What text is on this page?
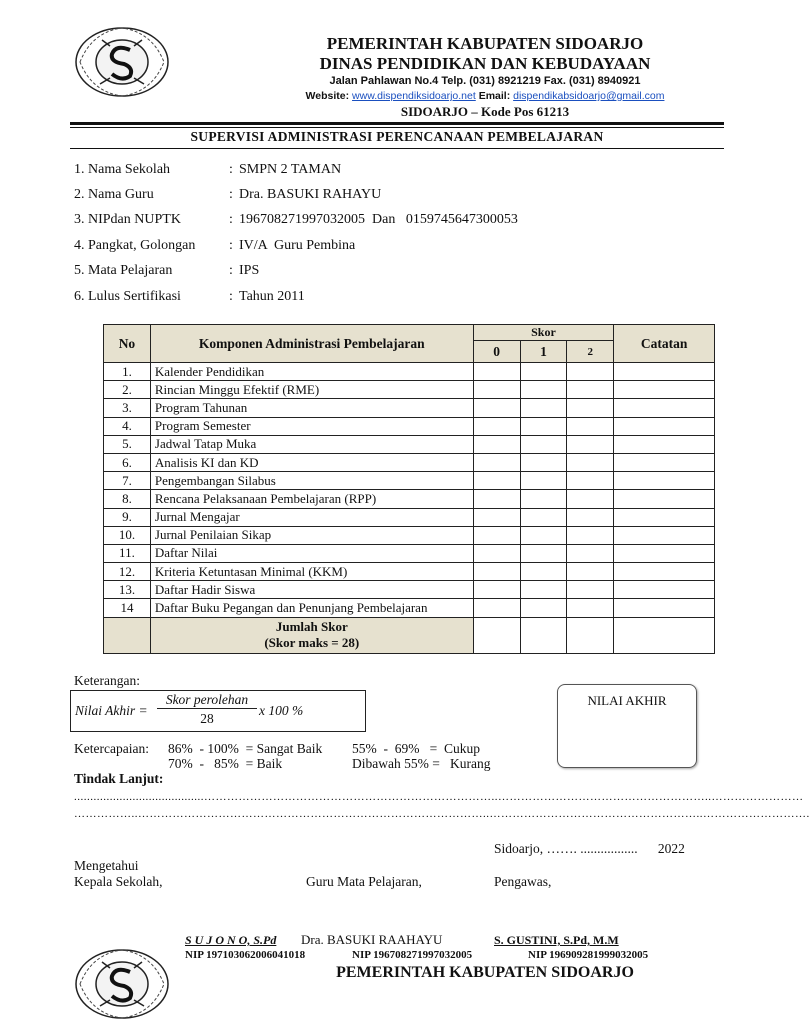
PEMERINTAH KABUPATEN SIDOARJO
DINAS PENDIDIKAN DAN KEBUDAYAAN
Jalan Pahlawan No.4 Telp. (031) 8921219 Fax. (031) 8940921
Website: www.dispendiksidoarjo.net Email: dispendikabsidoarjo@gmail.com
SIDOARJO – Kode Pos 61213
SUPERVISI ADMINISTRASI PERENCANAAN PEMBELAJARAN
1. Nama Sekolah	: SMPN 2 TAMAN
2. Nama Guru	: Dra. BASUKI RAHAYU
3. NIPdan NUPTK	: 196708271997032005  Dan   0159745647300053
4. Pangkat, Golongan : IV/A  Guru Pembina
5. Mata Pelajaran	: IPS
6. Lulus Sertifikasi	: Tahun 2011
No	Komponen Administrasi Pembelajaran	Skor			Catatan
		0	1	2	
1.	Kalender Pendidikan				
2.	Rincian Minggu Efektif (RME)				
3.	Program Tahunan				
4.	Program Semester				
5.	Jadwal Tatap Muka				
6.	Analisis KI dan KD				
7.	Pengembangan Silabus				
8.	Rencana Pelaksanaan Pembelajaran (RPP)				
9.	Jurnal Mengajar				
10.	Jurnal Penilaian Sikap				
11.	Daftar Nilai				
12.	Kriteria Ketuntasan Minimal (KKM)				
13.	Daftar Hadir Siswa				
14	Daftar Buku Pegangan dan Penunjang Pembelajaran				

	Jumlah Skor
(Skor maks = 28)				

Keterangan:
Nilai Akhir =
Skor perolehan
28
x 100 %
NILAI AKHIR
Ketercapaian: 86%  - 100%  = Sangat Baik 55%  -  69%   =  Cukup
70%  -   85%  = Baik	Dibawah 55% =   Kurang
Tindak Lanjut:
........................................…………………………………………………………………..………………………………………………..……………………
……………..………………………………………………………………………………..………………………………………………..……………………….
Sidoarjo, ……. .................      2022
Mengetahui
Kepala Sekolah,	Guru Mata Pelajaran,	Pengawas,
S U J O N O, S.Pd Dra. BASUKI RAAHAYU	S. GUSTINI, S.Pd, M.M
NIP 197103062006041018	NIP 196708271997032005	NIP 196909281999032005
PEMERINTAH KABUPATEN SIDOARJO
